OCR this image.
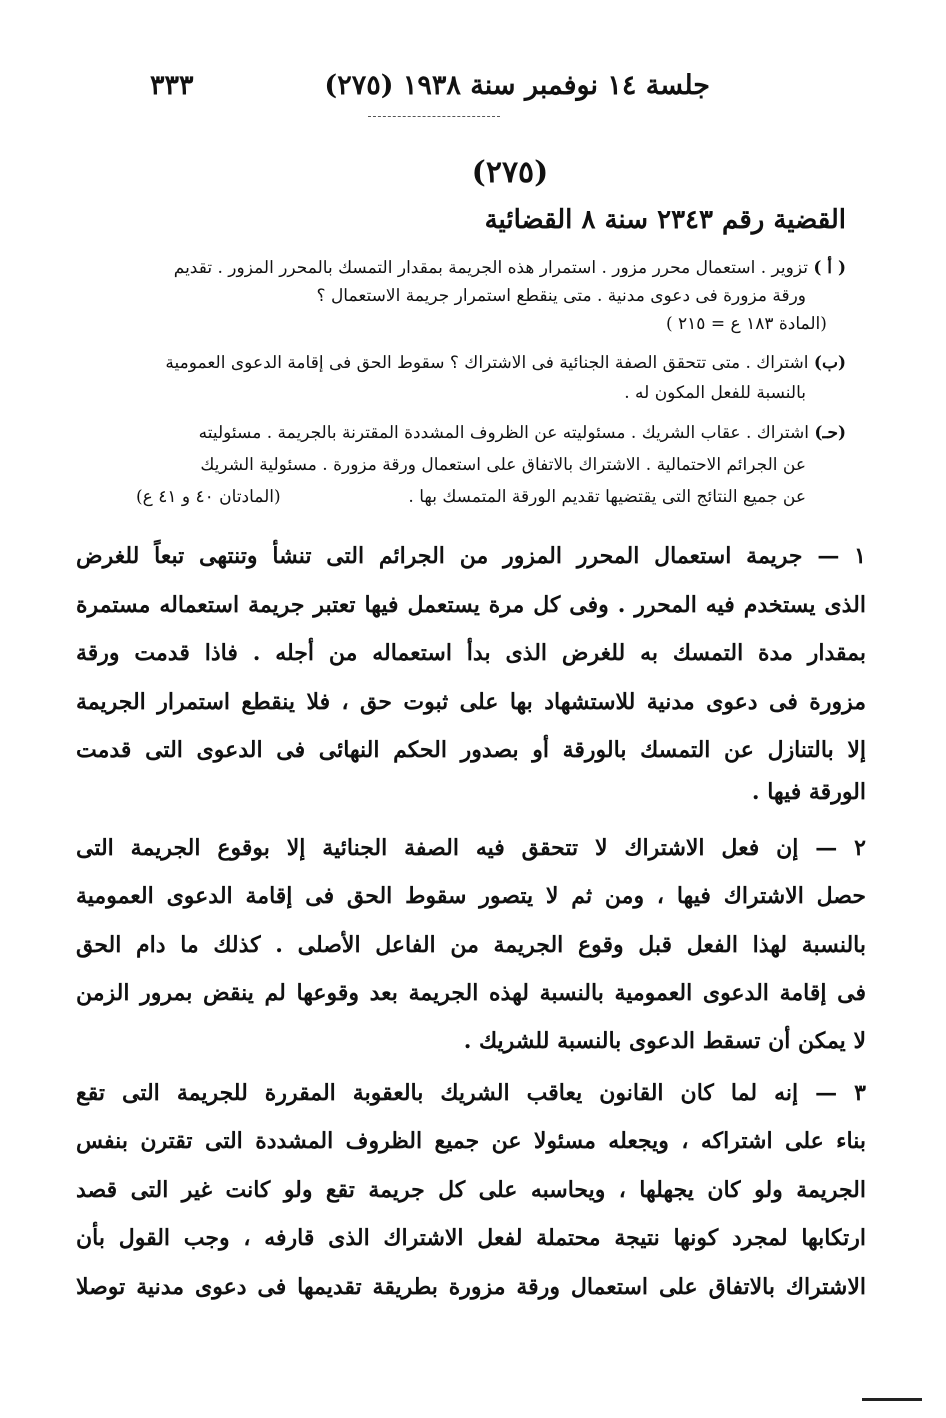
جلسة ١٤ نوفمبر سنة ١٩٣٨ (٢٧٥)
٣٣٣
(٢٧٥)
القضية رقم ٢٣٤٣ سنة ٨ القضائية
( أ ) تزوير . استعمال محرر مزور . استمرار هذه الجريمة بمقدار التمسك بالمحرر المزور . تقديم
ورقة مزورة فى دعوى مدنية . متى ينقطع استمرار جريمة الاستعمال ؟
(المادة ١٨٣ ع = ٢١٥ )
(ب) اشتراك . متى تتحقق الصفة الجنائية فى الاشتراك ؟ سقوط الحق فى إقامة الدعوى العمومية
بالنسبة للفعل المكون له .
(حـ) اشتراك . عقاب الشريك . مسئوليته عن الظروف المشددة المقترنة بالجريمة . مسئوليته
عن الجرائم الاحتمالية . الاشتراك بالاتفاق على استعمال ورقة مزورة . مسئولية الشريك
عن جميع النتائج التى يقتضيها تقديم الورقة المتمسك بها .
(المادتان ٤٠ و ٤١ ع)
١ — جريمة استعمال المحرر المزور من الجرائم التى تنشأ وتنتهى تبعاً للغرض
الذى يستخدم فيه المحرر . وفى كل مرة يستعمل فيها تعتبر جريمة استعماله مستمرة
بمقدار مدة التمسك به للغرض الذى بدأ استعماله من أجله . فاذا قدمت ورقة
مزورة فى دعوى مدنية للاستشهاد بها على ثبوت حق ، فلا ينقطع استمرار الجريمة
إلا بالتنازل عن التمسك بالورقة أو بصدور الحكم النهائى فى الدعوى التى قدمت
الورقة فيها .
٢ — إن فعل الاشتراك لا تتحقق فيه الصفة الجنائية إلا بوقوع الجريمة التى
حصل الاشتراك فيها ، ومن ثم لا يتصور سقوط الحق فى إقامة الدعوى العمومية
بالنسبة لهذا الفعل قبل وقوع الجريمة من الفاعل الأصلى . كذلك ما دام الحق
فى إقامة الدعوى العمومية بالنسبة لهذه الجريمة بعد وقوعها لم ينقض بمرور الزمن
لا يمكن أن تسقط الدعوى بالنسبة للشريك .
٣ — إنه لما كان القانون يعاقب الشريك بالعقوبة المقررة للجريمة التى تقع
بناء على اشتراكه ، ويجعله مسئولا عن جميع الظروف المشددة التى تقترن بنفس
الجريمة ولو كان يجهلها ، ويحاسبه على كل جريمة تقع ولو كانت غير التى قصد
ارتكابها لمجرد كونها نتيجة محتملة لفعل الاشتراك الذى قارفه ، وجب القول بأن
الاشتراك بالاتفاق على استعمال ورقة مزورة بطريقة تقديمها فى دعوى مدنية توصلا
